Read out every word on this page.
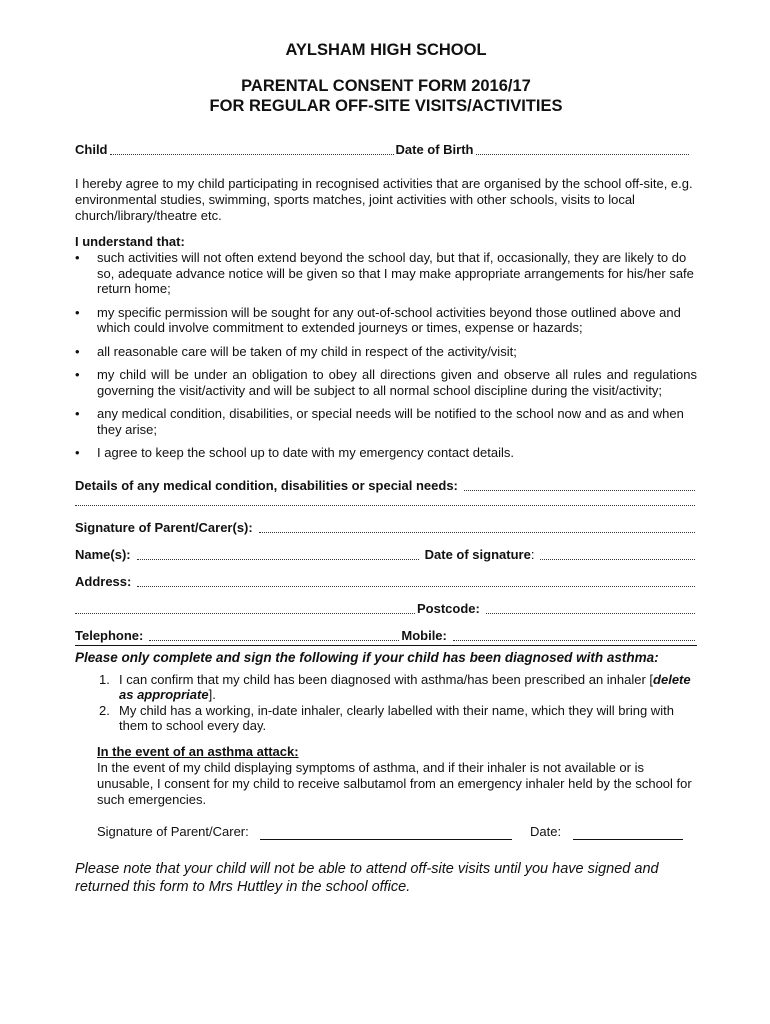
AYLSHAM HIGH SCHOOL

PARENTAL CONSENT FORM 2016/17

FOR REGULAR OFF-SITE VISITS/ACTIVITIES

Child	Date of Birth

I hereby agree to my child participating in recognised activities that are organised by the school off-site, e.g. environmental studies, swimming, sports matches, joint activities with other schools, visits to local church/library/theatre etc.

I understand that:

• such activities will not often extend beyond the school day, but that if, occasionally, they are likely to do so, adequate advance notice will be given so that I may make appropriate arrangements for his/her safe return home;
• my specific permission will be sought for any out-of-school activities beyond those outlined above and which could involve commitment to extended journeys or times, expense or hazards;
• all reasonable care will be taken of my child in respect of the activity/visit;
• my child will be under an obligation to obey all directions given and observe all rules and regulations governing the visit/activity and will be subject to all normal school discipline during the visit/activity;
• any medical condition, disabilities, or special needs will be notified to the school now and as and when they arise;
• I agree to keep the school up to date with my emergency contact details.
Details of any medical condition, disabilities or special needs:
Signature of Parent/Carer(s):
Name(s):	Date of signature :
Address:
Postcode:
Telephone:	Mobile:

Please only complete and sign the following if your child has been diagnosed with asthma:

1. I can confirm that my child has been diagnosed with asthma/has been prescribed an inhaler [delete as appropriate].
2. My child has a working, in-date inhaler, clearly labelled with their name, which they will bring with them to school every day.

In the event of an asthma attack:

In the event of my child displaying symptoms of asthma, and if their inhaler is not available or is unusable, I consent for my child to receive salbutamol from an emergency inhaler held by the school for such emergencies.

Signature of Parent/Carer:	Date:

Please note that your child will not be able to attend off-site visits until you have signed and returned this form to Mrs Huttley in the school office.
